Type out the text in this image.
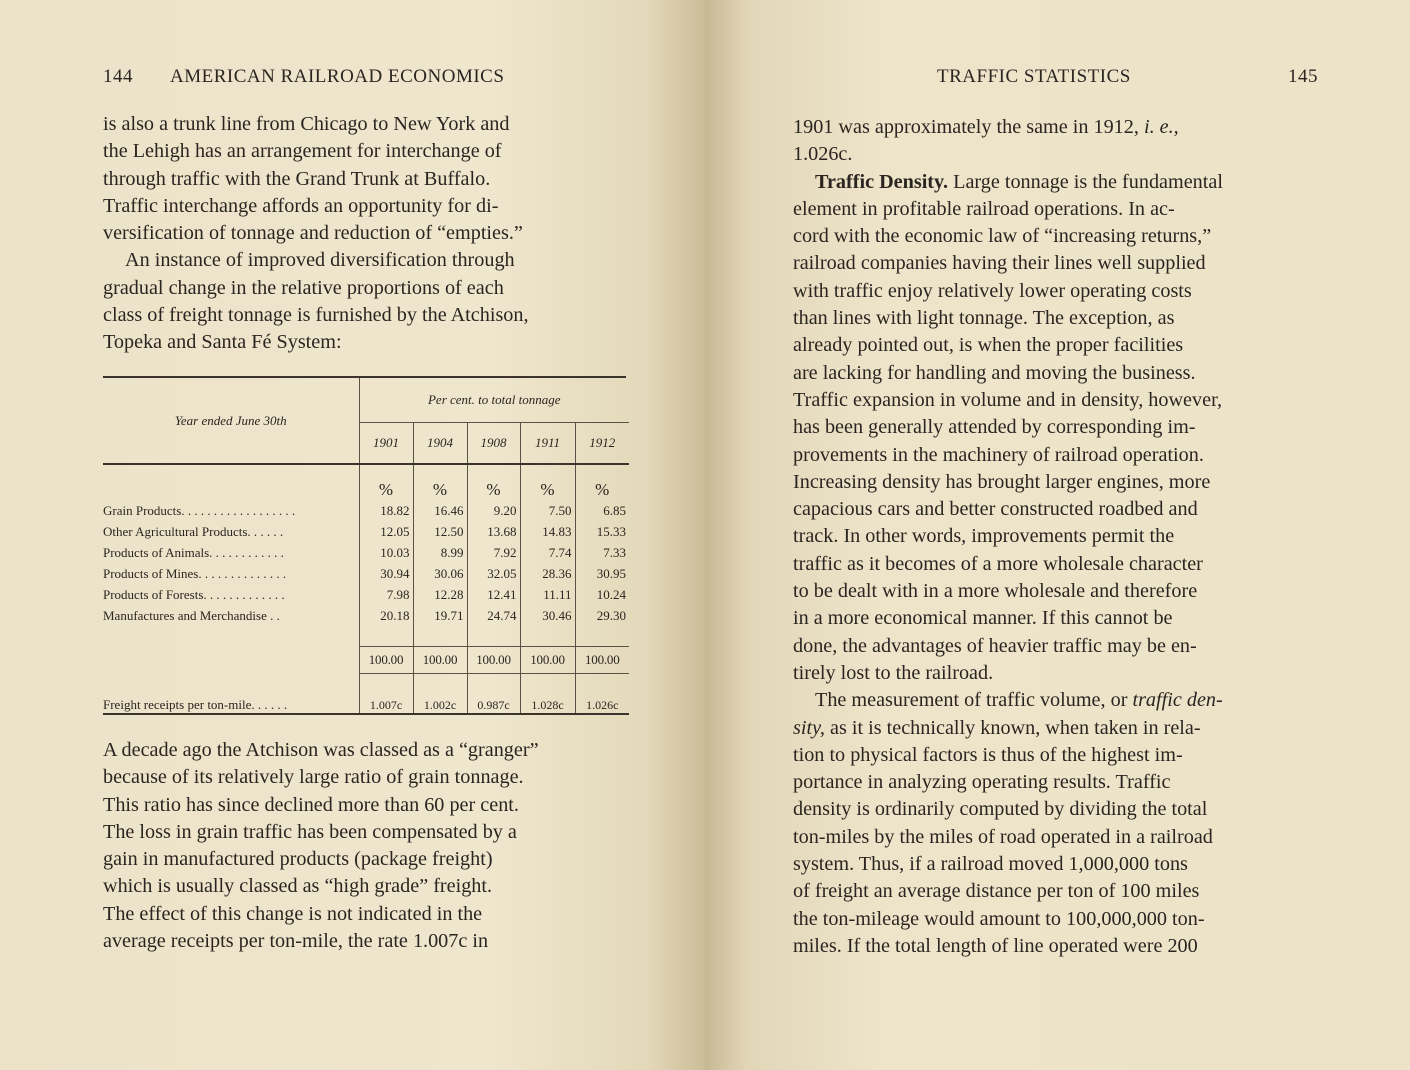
144 AMERICAN RAILROAD ECONOMICS

is also a trunk line from Chicago to New York and

the Lehigh has an arrangement for interchange of

through traffic with the Grand Trunk at Buffalo.

Traffic interchange affords an opportunity for di-

versification of tonnage and reduction of “empties.”

An instance of improved diversification through

gradual change in the relative proportions of each

class of freight tonnage is furnished by the Atchison,

Topeka and Santa Fé System:

Year ended June 30th	Per cent. to total tonnage				
	1901	1904	1908	1911	1912
	%	%	%	%	%
Grain Products. . . . . . . . . . . . . . . . . .	18.82	16.46	9.20	7.50	6.85
Other Agricultural Products. . . . . .	12.05	12.50	13.68	14.83	15.33
Products of Animals. . . . . . . . . . . .	10.03	8.99	7.92	7.74	7.33
Products of Mines. . . . . . . . . . . . . .	30.94	30.06	32.05	28.36	30.95
Products of Forests. . . . . . . . . . . . .	7.98	12.28	12.41	11.11	10.24
Manufactures and Merchandise . .	20.18	19.71	24.74	30.46	29.30

	100.00	100.00	100.00	100.00	100.00

Freight receipts per ton-mile. . . . . .	1.007c	1.002c	0.987c	1.028c	1.026c

A decade ago the Atchison was classed as a “granger”

because of its relatively large ratio of grain tonnage.

This ratio has since declined more than 60 per cent.

The loss in grain traffic has been compensated by a

gain in manufactured products (package freight)

which is usually classed as “high grade” freight.

The effect of this change is not indicated in the

average receipts per ton-mile, the rate 1.007c in

TRAFFIC STATISTICS	145

1901 was approximately the same in 1912, i. e.,

1.026c.

Traffic Density. Large tonnage is the fundamental

element in profitable railroad operations. In ac-

cord with the economic law of “increasing returns,”

railroad companies having their lines well supplied

with traffic enjoy relatively lower operating costs

than lines with light tonnage. The exception, as

already pointed out, is when the proper facilities

are lacking for handling and moving the business.

Traffic expansion in volume and in density, however,

has been generally attended by corresponding im-

provements in the machinery of railroad operation.

Increasing density has brought larger engines, more

capacious cars and better constructed roadbed and

track. In other words, improvements permit the

traffic as it becomes of a more wholesale character

to be dealt with in a more wholesale and therefore

in a more economical manner. If this cannot be

done, the advantages of heavier traffic may be en-

tirely lost to the railroad.

The measurement of traffic volume, or traffic den-

sity, as it is technically known, when taken in rela-

tion to physical factors is thus of the highest im-

portance in analyzing operating results. Traffic

density is ordinarily computed by dividing the total

ton-miles by the miles of road operated in a railroad

system. Thus, if a railroad moved 1,000,000 tons

of freight an average distance per ton of 100 miles

the ton-mileage would amount to 100,000,000 ton-

miles. If the total length of line operated were 200
